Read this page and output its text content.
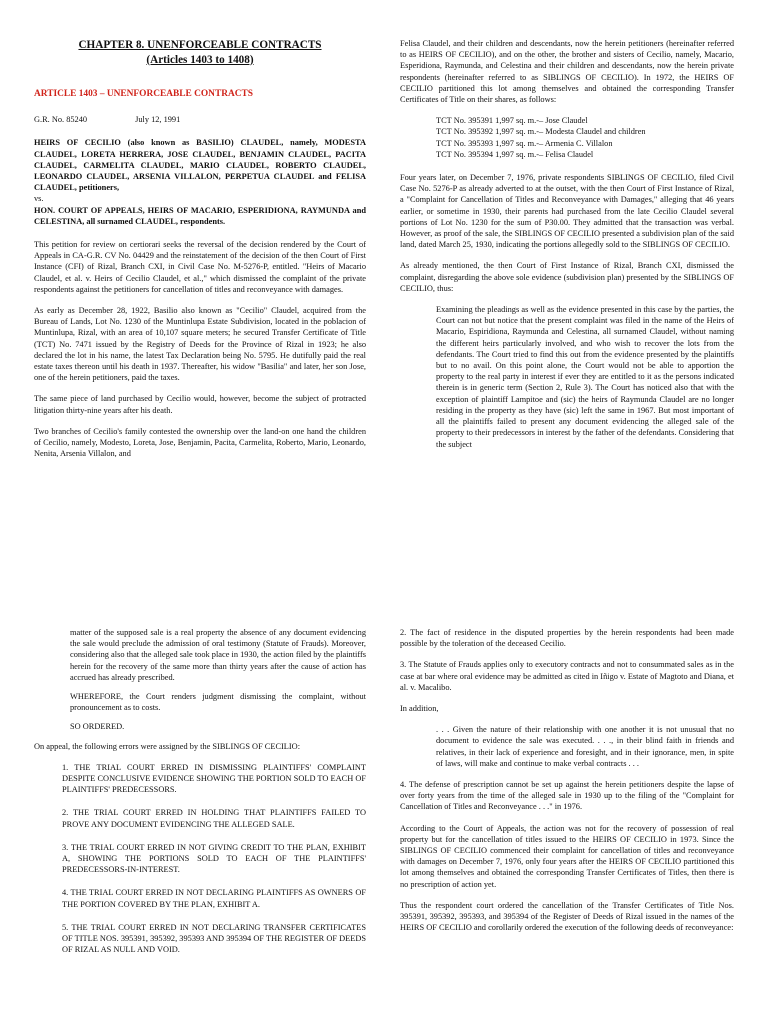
CHAPTER 8. UNENFORCEABLE CONTRACTS
(Articles 1403 to 1408)
ARTICLE 1403 – UNENFORCEABLE CONTRACTS
G.R. No. 85240	July 12, 1991

HEIRS OF CECILIO (also known as BASILIO) CLAUDEL, namely, MODESTA CLAUDEL, LORETA HERRERA, JOSE CLAUDEL, BENJAMIN CLAUDEL, PACITA CLAUDEL, CARMELITA CLAUDEL, MARIO CLAUDEL, ROBERTO CLAUDEL, LEONARDO CLAUDEL, ARSENIA VILLALON, PERPETUA CLAUDEL and FELISA CLAUDEL, petitioners,

vs.

HON. COURT OF APPEALS, HEIRS OF MACARIO, ESPERIDIONA, RAYMUNDA and CELESTINA, all surnamed CLAUDEL, respondents.

This petition for review on certiorari seeks the reversal of the decision rendered by the Court of Appeals in CA-G.R. CV No. 04429 and the reinstatement of the decision of the then Court of First Instance (CFI) of Rizal, Branch CXI, in Civil Case No. M-5276-P, entitled. "Heirs of Macario Claudel, et al. v. Heirs of Cecilio Claudel, et al.," which dismissed the complaint of the private respondents against the petitioners for cancellation of titles and reconveyance with damages.

As early as December 28, 1922, Basilio also known as "Cecilio" Claudel, acquired from the Bureau of Lands, Lot No. 1230 of the Muntinlupa Estate Subdivision, located in the poblacion of Muntinlupa, Rizal, with an area of 10,107 square meters; he secured Transfer Certificate of Title (TCT) No. 7471 issued by the Registry of Deeds for the Province of Rizal in 1923; he also declared the lot in his name, the latest Tax Declaration being No. 5795. He dutifully paid the real estate taxes thereon until his death in 1937. Thereafter, his widow "Basilia" and later, her son Jose, one of the herein petitioners, paid the taxes.

The same piece of land purchased by Cecilio would, however, become the subject of protracted litigation thirty-nine years after his death.

Two branches of Cecilio's family contested the ownership over the land-on one hand the children of Cecilio, namely, Modesto, Loreta, Jose, Benjamin, Pacita, Carmelita, Roberto, Mario, Leonardo, Nenita, Arsenia Villalon, and

Felisa Claudel, and their children and descendants, now the herein petitioners (hereinafter referred to as HEIRS OF CECILIO), and on the other, the brother and sisters of Cecilio, namely, Macario, Esperidiona, Raymunda, and Celestina and their children and descendants, now the herein private respondents (hereinafter referred to as SIBLINGS OF CECILIO). In 1972, the HEIRS OF CECILIO partitioned this lot among themselves and obtained the corresponding Transfer Certificates of Title on their shares, as follows:

TCT No. 395391 1,997 sq. m.-– Jose Claudel
TCT No. 395392 1,997 sq. m.-– Modesta Claudel and children
TCT No. 395393 1,997 sq. m.-– Armenia C. Villalon
TCT No. 395394 1,997 sq. m.-– Felisa Claudel

Four years later, on December 7, 1976, private respondents SIBLINGS OF CECILIO, filed Civil Case No. 5276-P as already adverted to at the outset, with the then Court of First Instance of Rizal, a "Complaint for Cancellation of Titles and Reconveyance with Damages," alleging that 46 years earlier, or sometime in 1930, their parents had purchased from the late Cecilio Claudel several portions of Lot No. 1230 for the sum of P30.00. They admitted that the transaction was verbal. However, as proof of the sale, the SIBLINGS OF CECILIO presented a subdivision plan of the said land, dated March 25, 1930, indicating the portions allegedly sold to the SIBLINGS OF CECILIO.

As already mentioned, the then Court of First Instance of Rizal, Branch CXI, dismissed the complaint, disregarding the above sole evidence (subdivision plan) presented by the SIBLINGS OF CECILIO, thus:

Examining the pleadings as well as the evidence presented in this case by the parties, the Court can not but notice that the present complaint was filed in the name of the Heirs of Macario, Espiridiona, Raymunda and Celestina, all surnamed Claudel, without naming the different heirs particularly involved, and who wish to recover the lots from the defendants. The Court tried to find this out from the evidence presented by the plaintiffs but to no avail. On this point alone, the Court would not be able to apportion the property to the real party in interest if ever they are entitled to it as the persons indicated therein is in generic term (Section 2, Rule 3). The Court has noticed also that with the exception of plaintiff Lampitoe and (sic) the heirs of Raymunda Claudel are no longer residing in the property as they have (sic) left the same in 1967. But most important of all the plaintiffs failed to present any document evidencing the alleged sale of the property to their predecessors in interest by the father of the defendants. Considering that the subject

matter of the supposed sale is a real property the absence of any document evidencing the sale would preclude the admission of oral testimony (Statute of Frauds). Moreover, considering also that the alleged sale took place in 1930, the action filed by the plaintiffs herein for the recovery of the same more than thirty years after the cause of action has accrued has already prescribed.

WHEREFORE, the Court renders judgment dismissing the complaint, without pronouncement as to costs.

SO ORDERED.

On appeal, the following errors were assigned by the SIBLINGS OF CECILIO:

1. THE TRIAL COURT ERRED IN DISMISSING PLAINTIFFS' COMPLAINT DESPITE CONCLUSIVE EVIDENCE SHOWING THE PORTION SOLD TO EACH OF PLAINTIFFS' PREDECESSORS.

2. THE TRIAL COURT ERRED IN HOLDING THAT PLAINTIFFS FAILED TO PROVE ANY DOCUMENT EVIDENCING THE ALLEGED SALE.

3. THE TRIAL COURT ERRED IN NOT GIVING CREDIT TO THE PLAN, EXHIBIT A, SHOWING THE PORTIONS SOLD TO EACH OF THE PLAINTIFFS' PREDECESSORS-IN-INTEREST.

4. THE TRIAL COURT ERRED IN NOT DECLARING PLAINTIFFS AS OWNERS OF THE PORTION COVERED BY THE PLAN, EXHIBIT A.

5. THE TRIAL COURT ERRED IN NOT DECLARING TRANSFER CERTIFICATES OF TITLE NOS. 395391, 395392, 395393 AND 395394 OF THE REGISTER OF DEEDS OF RIZAL AS NULL AND VOID.

2. The fact of residence in the disputed properties by the herein respondents had been made possible by the toleration of the deceased Cecilio.

3. The Statute of Frauds applies only to executory contracts and not to consummated sales as in the case at bar where oral evidence may be admitted as cited in Iñigo v. Estate of Magtoto and Diana, et al. v. Macalibo.

In addition,

. . . Given the nature of their relationship with one another it is not unusual that no document to evidence the sale was executed. . . ., in their blind faith in friends and relatives, in their lack of experience and foresight, and in their ignorance, men, in spite of laws, will make and continue to make verbal contracts . . .

4. The defense of prescription cannot be set up against the herein petitioners despite the lapse of over forty years from the time of the alleged sale in 1930 up to the filing of the "Complaint for Cancellation of Titles and Reconveyance . . ." in 1976.

According to the Court of Appeals, the action was not for the recovery of possession of real property but for the cancellation of titles issued to the HEIRS OF CECILIO in 1973. Since the SIBLINGS OF CECILIO commenced their complaint for cancellation of titles and reconveyance with damages on December 7, 1976, only four years after the HEIRS OF CECILIO partitioned this lot among themselves and obtained the corresponding Transfer Certificates of Titles, then there is no prescription of action yet.

Thus the respondent court ordered the cancellation of the Transfer Certificates of Title Nos. 395391, 395392, 395393, and 395394 of the Register of Deeds of Rizal issued in the names of the HEIRS OF CECILIO and corollarily ordered the execution of the following deeds of reconveyance:
